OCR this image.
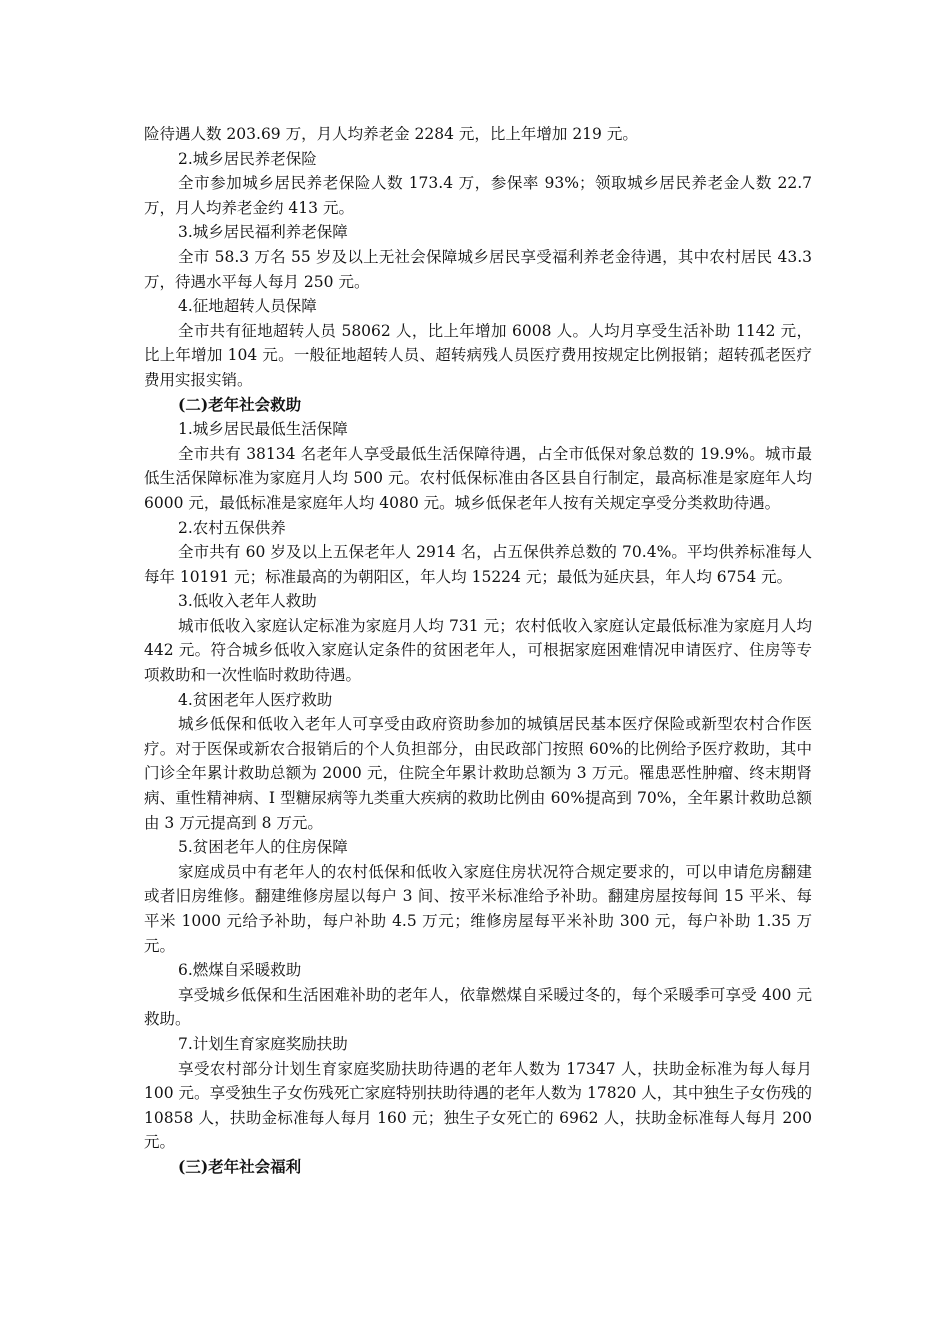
险待遇人数 203.69 万，月人均养老金 2284 元，比上年增加 219 元。

2.城乡居民养老保险

全市参加城乡居民养老保险人数 173.4 万，参保率 93%；领取城乡居民养老金人数 22.7 万，月人均养老金约 413 元。

3.城乡居民福利养老保障

全市 58.3 万名 55 岁及以上无社会保障城乡居民享受福利养老金待遇，其中农村居民 43.3 万，待遇水平每人每月 250 元。

4.征地超转人员保障

全市共有征地超转人员 58062 人，比上年增加 6008 人。人均月享受生活补助 1142 元，比上年增加 104 元。一般征地超转人员、超转病残人员医疗费用按规定比例报销；超转孤老医疗费用实报实销。

(二)老年社会救助

1.城乡居民最低生活保障

全市共有 38134 名老年人享受最低生活保障待遇，占全市低保对象总数的 19.9%。城市最低生活保障标准为家庭月人均 500 元。农村低保标准由各区县自行制定，最高标准是家庭年人均 6000 元，最低标准是家庭年人均 4080 元。城乡低保老年人按有关规定享受分类救助待遇。

2.农村五保供养

全市共有 60 岁及以上五保老年人 2914 名，占五保供养总数的 70.4%。平均供养标准每人每年 10191 元；标准最高的为朝阳区，年人均 15224 元；最低为延庆县，年人均 6754 元。

3.低收入老年人救助

城市低收入家庭认定标准为家庭月人均 731 元；农村低收入家庭认定最低标准为家庭月人均 442 元。符合城乡低收入家庭认定条件的贫困老年人，可根据家庭困难情况申请医疗、住房等专项救助和一次性临时救助待遇。

4.贫困老年人医疗救助

城乡低保和低收入老年人可享受由政府资助参加的城镇居民基本医疗保险或新型农村合作医疗。对于医保或新农合报销后的个人负担部分，由民政部门按照 60%的比例给予医疗救助，其中门诊全年累计救助总额为 2000 元，住院全年累计救助总额为 3 万元。罹患恶性肿瘤、终末期肾病、重性精神病、I 型糖尿病等九类重大疾病的救助比例由 60%提高到 70%，全年累计救助总额由 3 万元提高到 8 万元。

5.贫困老年人的住房保障

家庭成员中有老年人的农村低保和低收入家庭住房状况符合规定要求的，可以申请危房翻建或者旧房维修。翻建维修房屋以每户 3 间、按平米标准给予补助。翻建房屋按每间 15 平米、每平米 1000 元给予补助，每户补助 4.5 万元；维修房屋每平米补助 300 元，每户补助 1.35 万元。

6.燃煤自采暖救助

享受城乡低保和生活困难补助的老年人，依靠燃煤自采暖过冬的，每个采暖季可享受 400 元救助。

7.计划生育家庭奖励扶助

享受农村部分计划生育家庭奖励扶助待遇的老年人数为 17347 人，扶助金标准为每人每月 100 元。享受独生子女伤残死亡家庭特别扶助待遇的老年人数为 17820 人，其中独生子女伤残的 10858 人，扶助金标准每人每月 160 元；独生子女死亡的 6962 人，扶助金标准每人每月 200 元。

(三)老年社会福利
